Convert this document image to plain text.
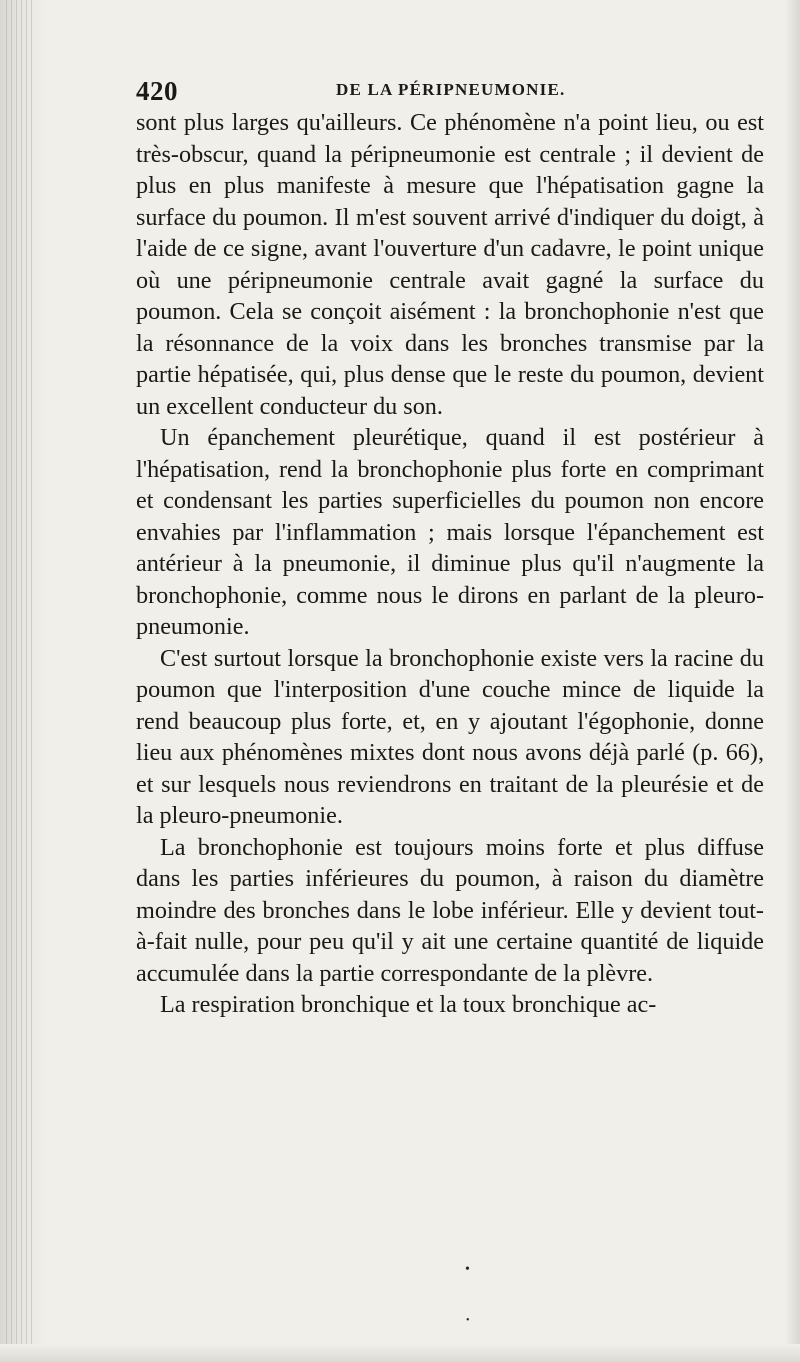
420	DE LA PÉRIPNEUMONIE.

sont plus larges qu'ailleurs. Ce phénomène n'a point lieu, ou est très-obscur, quand la péripneumonie est centrale ; il devient de plus en plus manifeste à mesure que l'hépatisation gagne la surface du poumon. Il m'est souvent arrivé d'indiquer du doigt, à l'aide de ce signe, avant l'ouverture d'un cadavre, le point unique où une péripneumonie centrale avait gagné la surface du poumon. Cela se conçoit aisément : la bronchophonie n'est que la résonnance de la voix dans les bronches transmise par la partie hépatisée, qui, plus dense que le reste du poumon, devient un excellent conducteur du son.

Un épanchement pleurétique, quand il est postérieur à l'hépatisation, rend la bronchophonie plus forte en comprimant et condensant les parties superficielles du poumon non encore envahies par l'inflammation ; mais lorsque l'épanchement est antérieur à la pneumonie, il diminue plus qu'il n'augmente la bronchophonie, comme nous le dirons en parlant de la pleuro-pneumonie.

C'est surtout lorsque la bronchophonie existe vers la racine du poumon que l'interposition d'une couche mince de liquide la rend beaucoup plus forte, et, en y ajoutant l'égophonie, donne lieu aux phénomènes mixtes dont nous avons déjà parlé (p. 66), et sur lesquels nous reviendrons en traitant de la pleurésie et de la pleuro-pneumonie.

La bronchophonie est toujours moins forte et plus diffuse dans les parties inférieures du poumon, à raison du diamètre moindre des bronches dans le lobe inférieur. Elle y devient tout-à-fait nulle, pour peu qu'il y ait une certaine quantité de liquide accumulée dans la partie correspondante de la plèvre.

La respiration bronchique et la toux bronchique ac-

•
•
